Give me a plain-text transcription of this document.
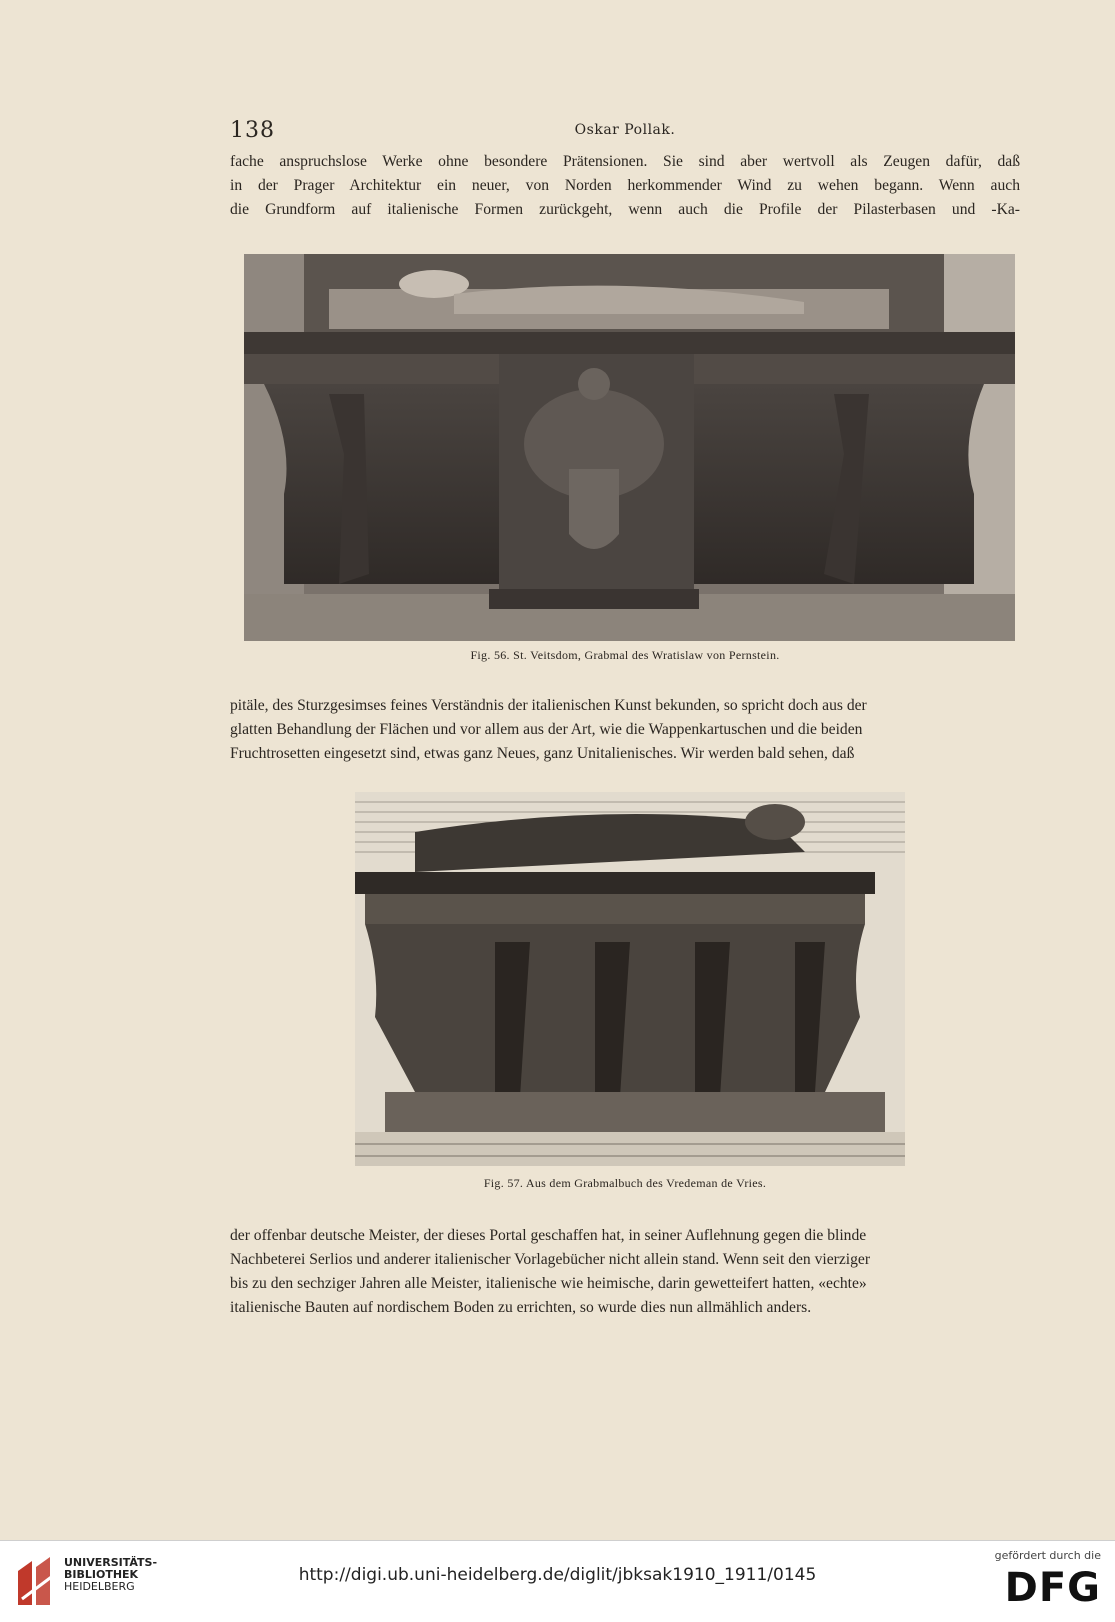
138	Oskar Pollak.

fache anspruchslose Werke ohne besondere Prätensionen. Sie sind aber wertvoll als Zeugen dafür, daß
in der Prager Architektur ein neuer, von Norden herkommender Wind zu wehen begann. Wenn auch
die Grundform auf italienische Formen zurückgeht, wenn auch die Profile der Pilasterbasen und -Ka-

Fig. 56. St. Veitsdom, Grabmal des Wratislaw von Pernstein.

pitäle, des Sturzgesimses feines Verständnis der italienischen Kunst bekunden, so spricht doch aus der
glatten Behandlung der Flächen und vor allem aus der Art, wie die Wappenkartuschen und die beiden
Fruchtrosetten eingesetzt sind, etwas ganz Neues, ganz Unitalienisches. Wir werden bald sehen, daß

Fig. 57. Aus dem Grabmalbuch des Vredeman de Vries.

der offenbar deutsche Meister, der dieses Portal geschaffen hat, in seiner Auflehnung gegen die blinde
Nachbeterei Serlios und anderer italienischer Vorlagebücher nicht allein stand. Wenn seit den vierziger
bis zu den sechziger Jahren alle Meister, italienische wie heimische, darin gewetteifert hatten, «echte»
italienische Bauten auf nordischem Boden zu errichten, so wurde dies nun allmählich anders.

UNIVERSITÄTS-
BIBLIOTHEK
HEIDELBERG
http://digi.ub.uni-heidelberg.de/diglit/jbksak1910_1911/0145
gefördert durch die
DFG
